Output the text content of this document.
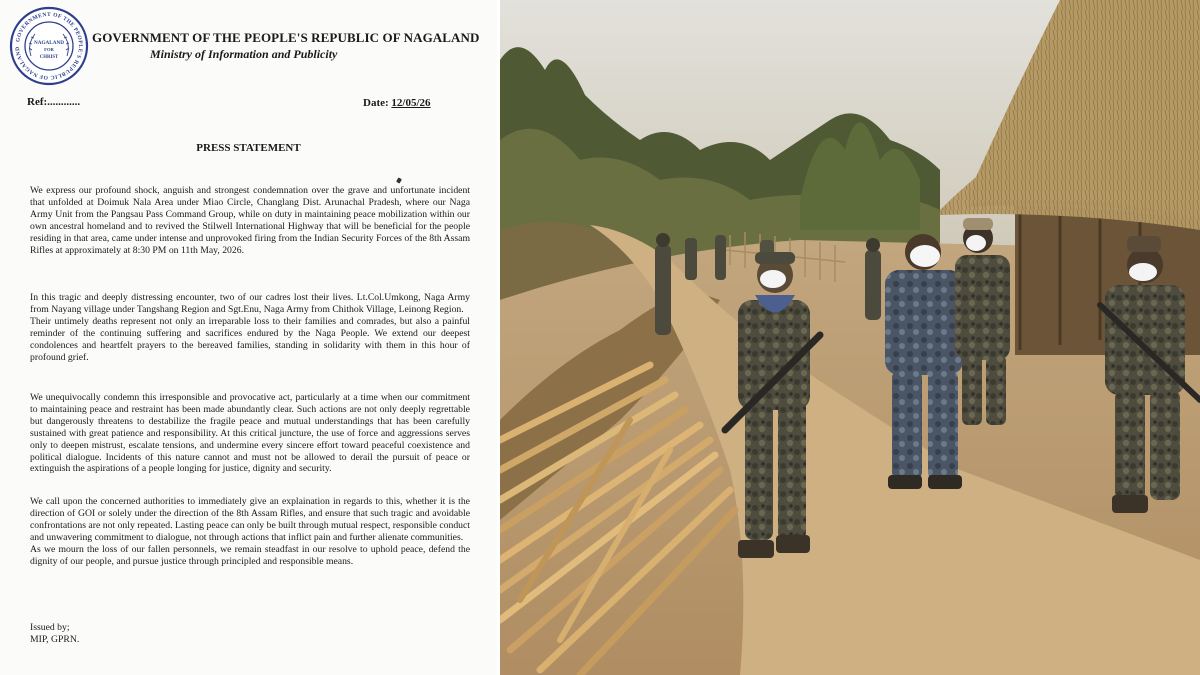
GOVERNMENT OF THE PEOPLE'S REPUBLIC OF NAGALAND
NAGALAND
FOR
CHRIST
GOVERNMENT OF THE PEOPLE'S REPUBLIC OF NAGALAND
Ministry of Information and Publicity
Ref:............	Date: 12/05/26
PRESS STATEMENT

We express our profound shock, anguish and strongest condemnation over the grave and unfortunate incident that unfolded at Doimuk Nala Area under Miao Circle, Changlang Dist. Arunachal Pradesh, where our Naga Army Unit from the Pangsau Pass Command Group, while on duty in maintaining peace mobilization within our own ancestral homeland and to revived the Stilwell International Highway that will be beneficial for the people residing in that area, came under intense and unprovoked firing from the Indian Security Forces of the 8th Assam Rifles at approximately at 8:30 PM on 11th May, 2026.

In this tragic and deeply distressing encounter, two of our cadres lost their lives. Lt.Col.Umkong, Naga Army from Nayang village under Tangshang Region and Sgt.Enu, Naga Army from Chithok Village, Leinong Region.

Their untimely deaths represent not only an irreparable loss to their families and comrades, but also a painful reminder of the continuing suffering and sacrifices endured by the Naga People. We extend our deepest condolences and heartfelt prayers to the bereaved families, standing in solidarity with them in this hour of profound grief.

We unequivocally condemn this irresponsible and provocative act, particularly at a time when our commitment to maintaining peace and restraint has been made abundantly clear. Such actions are not only deeply regrettable but dangerously threatens to destabilize the fragile peace and mutual understandings that has been carefully sustained with great patience and responsibility. At this critical juncture, the use of force and aggressions serves only to deepen mistrust, escalate tensions, and undermine every sincere effort toward peaceful coexistence and political dialogue. Incidents of this nature cannot and must not be allowed to derail the pursuit of peace or extinguish the aspirations of a people longing for justice, dignity and security.

We call upon the concerned authorities to immediately give an explaination in regards to this, whether it is the direction of GOI or solely under the direction of the 8th Assam Rifles, and ensure that such tragic and avoidable confrontations are not only repeated. Lasting peace can only be built through mutual respect, responsible conduct and unwavering commitment to dialogue, not through actions that inflict pain and further alienate communities.

As we mourn the loss of our fallen personnels, we remain steadfast in our resolve to uphold peace, defend the dignity of our people, and pursue justice through principled and responsible means.

Issued by;
MIP, GPRN.
